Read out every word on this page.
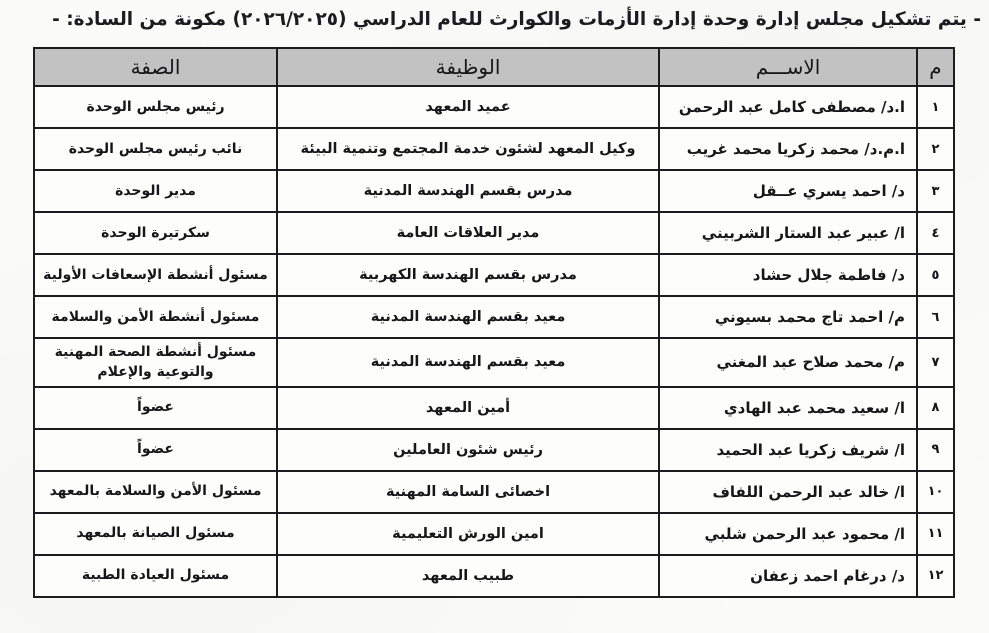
- يتم تشكيل مجلس إدارة وحدة إدارة الأزمات والكوارث للعام الدراسي (٢٠٢٦/٢٠٢٥) مكونة من السادة: -
م	الاســـم	الوظيفة	الصفة
١	ا.د/ مصطفى كامل عبد الرحمن	عميد المعهد	رئيس مجلس الوحدة
٢	ا.م.د/ محمد زكريا محمد غريب	وكيل المعهد لشئون خدمة المجتمع وتنمية البيئة	نائب رئيس مجلس الوحدة
٣	د/ احمد يسري عــقل	مدرس بقسم الهندسة المدنية	مدير الوحدة
٤	ا/ عبير عبد الستار الشربيني	مدير العلاقات العامة	سكرتيرة الوحدة
٥	د/ فاطمة جلال حشاد	مدرس بقسم الهندسة الكهربية	مسئول أنشطة الإسعافات الأولية
٦	م/ احمد تاج محمد بسيوني	معيد بقسم الهندسة المدنية	مسئول أنشطة الأمن والسلامة
٧	م/ محمد صلاح عبد المغني	معيد بقسم الهندسة المدنية	مسئول أنشطة الصحة المهنية والتوعية والإعلام
٨	ا/ سعيد محمد عبد الهادي	أمين المعهد	عضواً
٩	ا/ شريف زكريا عبد الحميد	رئيس شئون العاملين	عضواً
١٠	ا/ خالد عبد الرحمن اللفاف	اخصائى السامة المهنية	مسئول الأمن والسلامة بالمعهد
١١	ا/ محمود عبد الرحمن شلبي	امين الورش التعليمية	مسئول الصيانة بالمعهد
١٢	د/ درغام احمد زعفان	طبيب المعهد	مسئول العيادة الطبية
